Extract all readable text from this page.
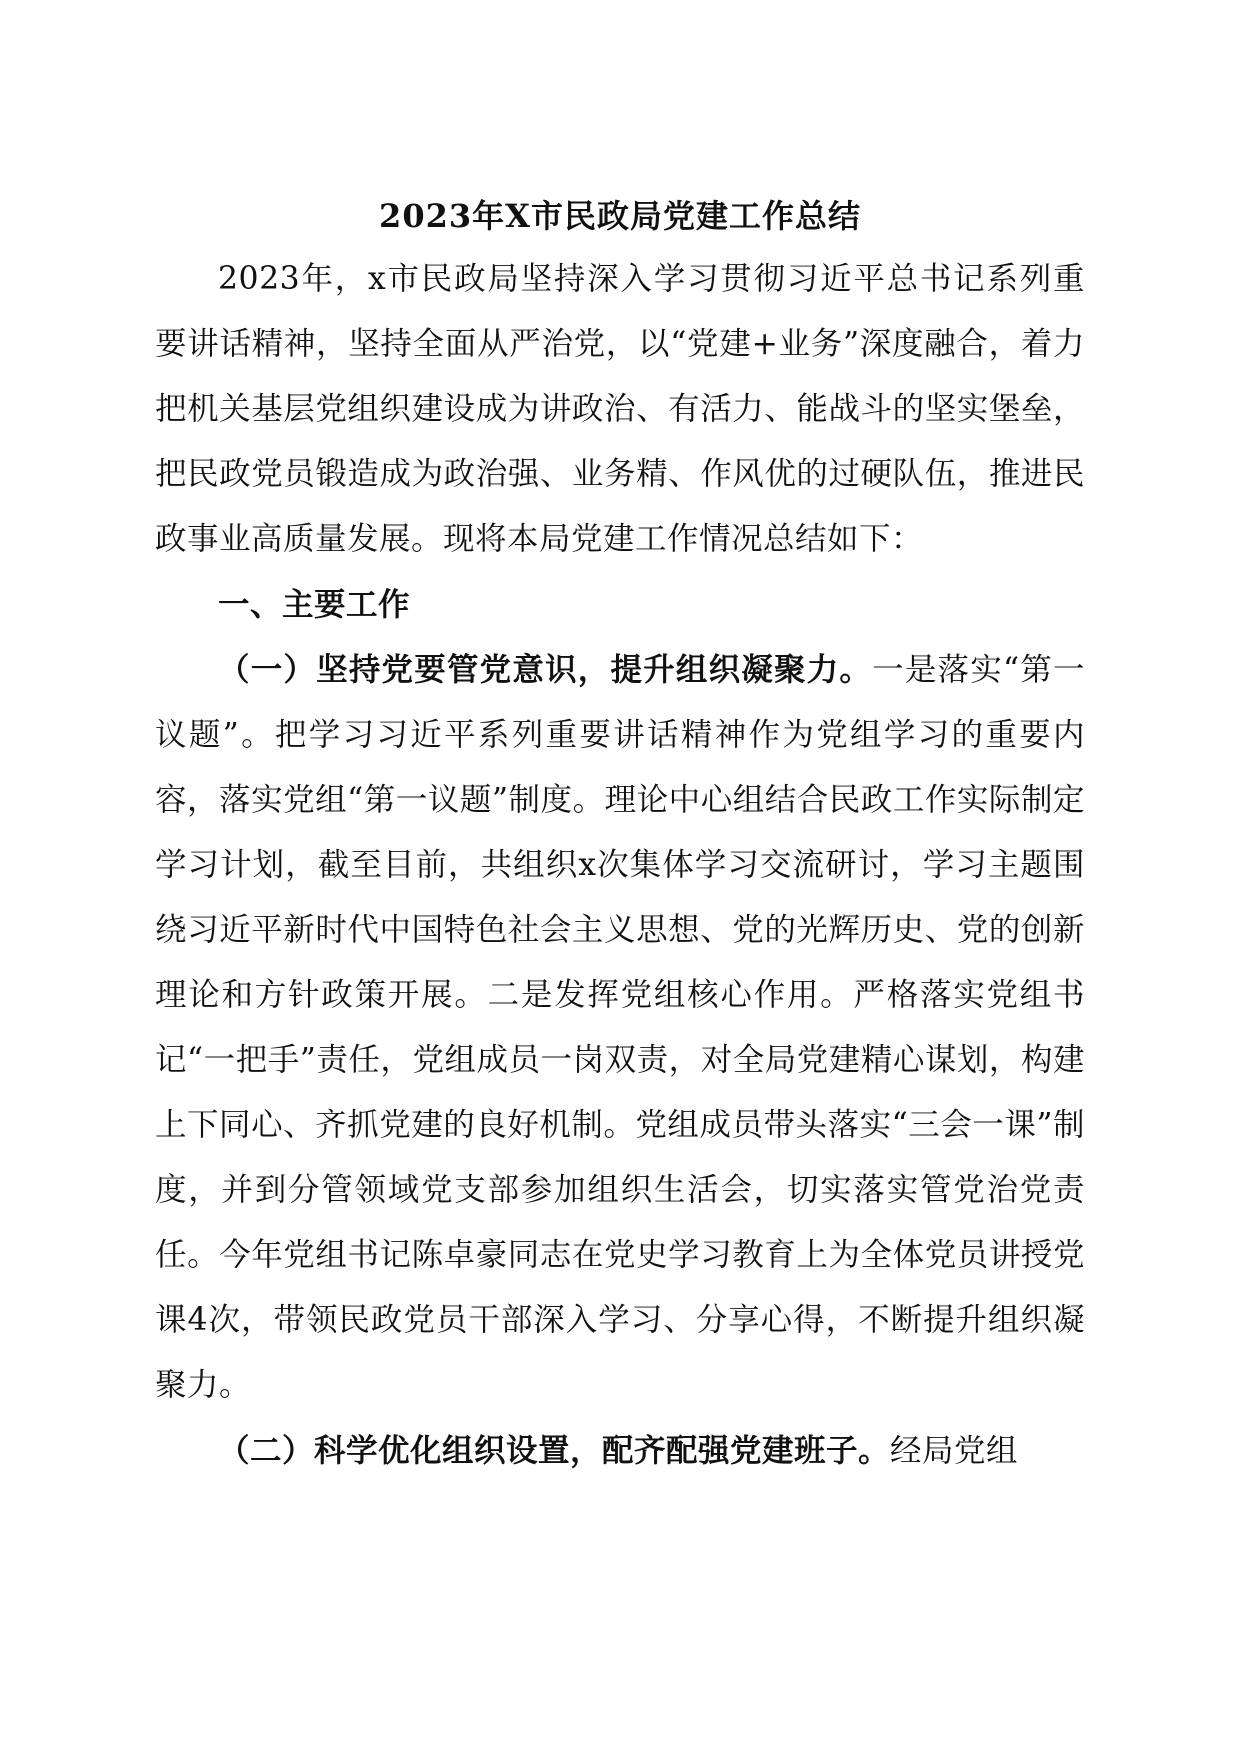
2023年X市民政局党建工作总结

2023年，x市民政局坚持深入学习贯彻习近平总书记系列重要讲话精神，坚持全面从严治党，以“党建+业务”深度融合，着力把机关基层党组织建设成为讲政治、有活力、能战斗的坚实堡垒，把民政党员锻造成为政治强、业务精、作风优的过硬队伍，推进民政事业高质量发展。现将本局党建工作情况总结如下：

一、主要工作

（一）坚持党要管党意识，提升组织凝聚力。一是落实“第一议题”。把学习习近平系列重要讲话精神作为党组学习的重要内容，落实党组“第一议题”制度。理论中心组结合民政工作实际制定学习计划，截至目前，共组织x次集体学习交流研讨，学习主题围绕习近平新时代中国特色社会主义思想、党的光辉历史、党的创新理论和方针政策开展。二是发挥党组核心作用。严格落实党组书记“一把手”责任，党组成员一岗双责，对全局党建精心谋划，构建上下同心、齐抓党建的良好机制。党组成员带头落实“三会一课”制度，并到分管领域党支部参加组织生活会，切实落实管党治党责任。今年党组书记陈卓豪同志在党史学习教育上为全体党员讲授党课4次，带领民政党员干部深入学习、分享心得，不断提升组织凝聚力。

（二）科学优化组织设置，配齐配强党建班子。经局党组
